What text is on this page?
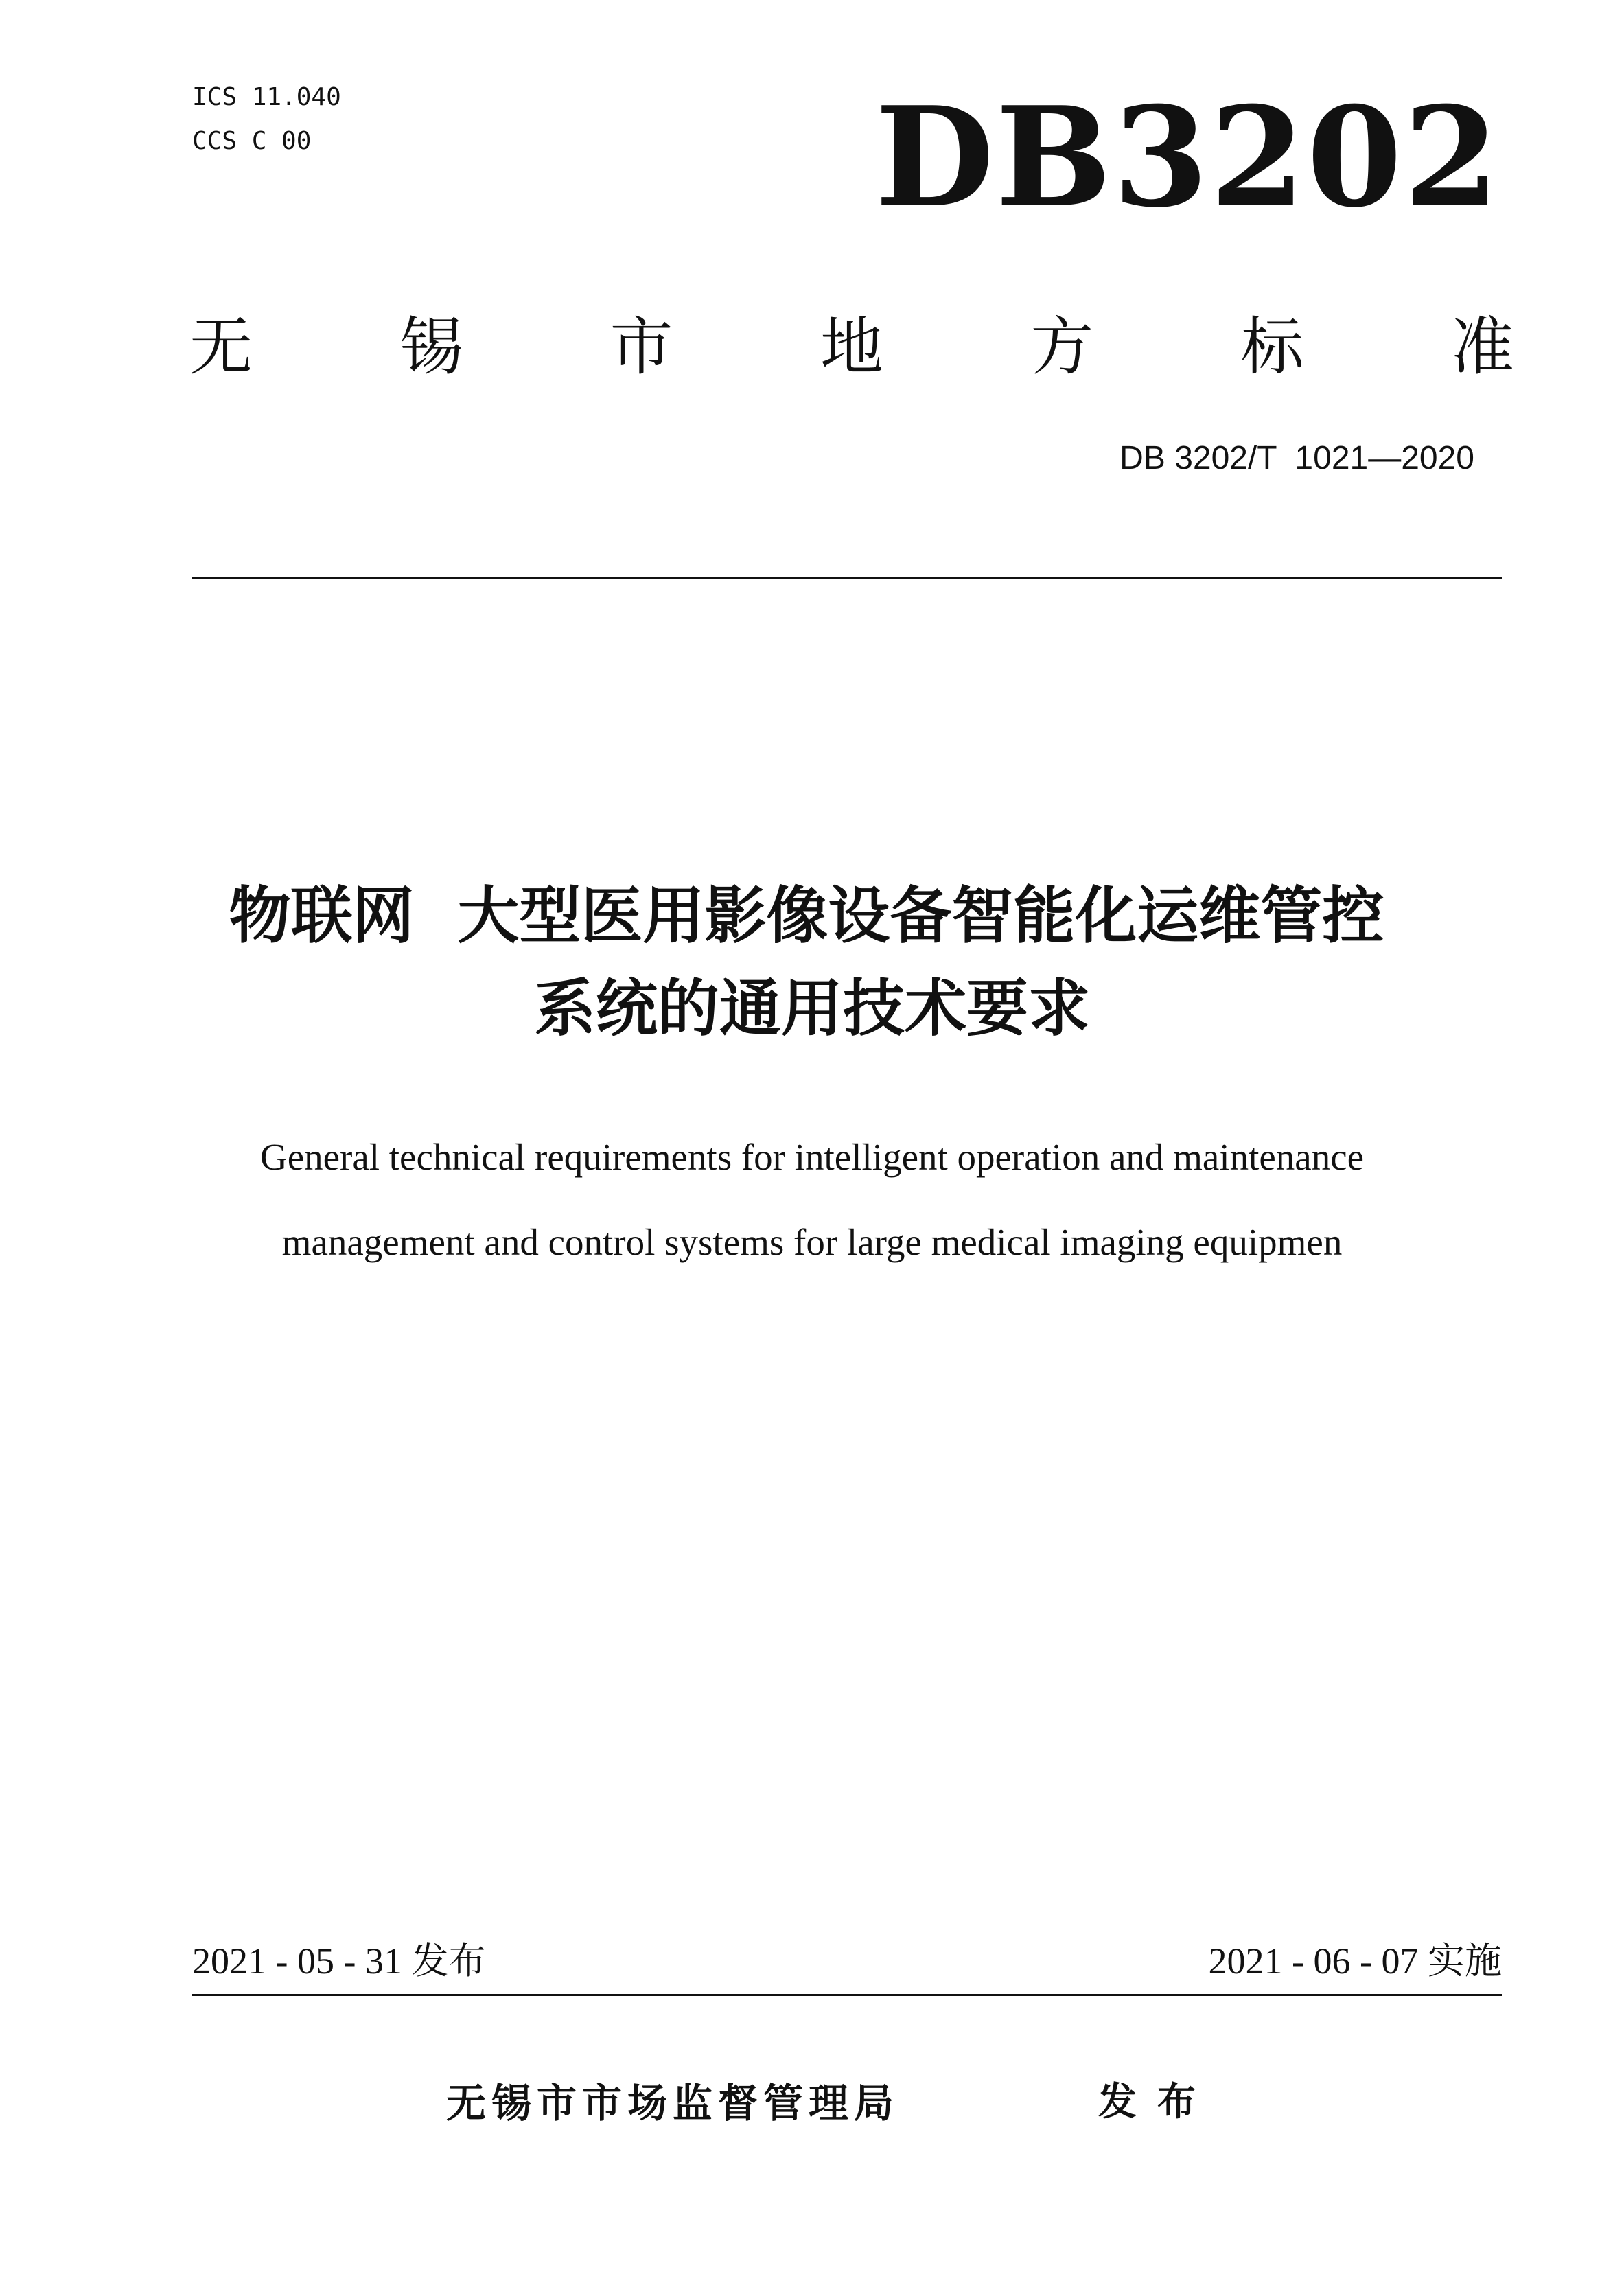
ICS 11.040
CCS C 00	DB3202
无 锡 市 地 方 标 准
DB 3202/T  1021—2020
物联网  大型医用影像设备智能化运维管控
系统的通用技术要求
General technical requirements for intelligent operation and maintenance
management and control systems for large medical imaging equipmen
2021 - 05 - 31 发布	2021 - 06 - 07 实施
无锡市市场监督管理局	发布
